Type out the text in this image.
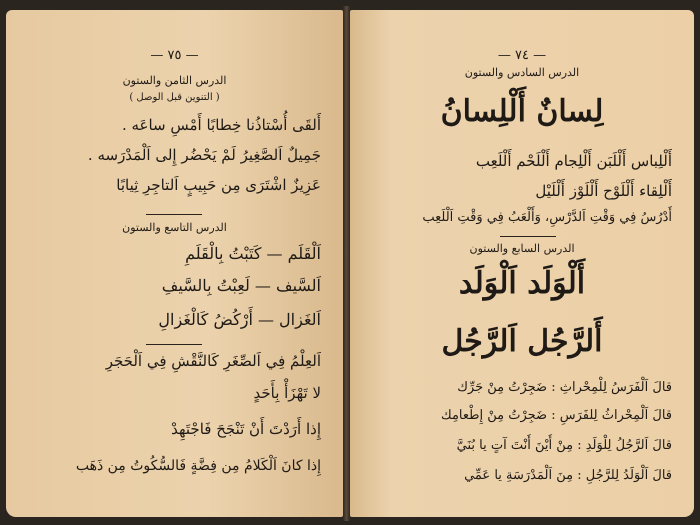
— ٧٥ —
الدرس الثامن والستون
( التنوين قبل الوصل )
أَلقَى أُسْتاذُنا خِطابًا أَمْسِ ساعَه .
جَمِيلٌ اَلصَّغِيرُ لَمْ يَحْضُر إِلى اَلْمَدْرَسه .
عَزِيزٌ اشْتَرَى مِن حَبِيبٍ اَلتاجِرِ ثِيابًا
الدرس التاسع والستون
اَلْقَلَم — كَتَبْتُ بِالْقَلَمِ
اَلسَّيف — لَعِبْتُ بِالسَّيفِ
اَلغَزال — أَرْكُضُ كَالْغَزالِ
اَلعِلْمُ فِي اَلصِّغَرِ كَالنَّقْشِ فِي اَلْحَجَرِ
لا تَهْزَأْ بِأَحَدٍ
إِذا أَرَدْتَ أَنْ تَنْجَحَ فَاجْتَهِدْ
إِذا كانَ اَلْكَلامُ مِن فِضَّةٍ فَالسُّكُوتُ مِن ذَهَب
— ٧٤ —
الدرس السادس والستون
لِسانٌ أَلْلِسانُ
أَلْلِباس أَلْلَبَن أَلْلِجام أَلْلَحْم أَلْلَعِب
أَلْلِقاء أَلْلَوْح أَلْلَوْز أَلْلَيْل
أَدْرُسُ فِي وَقْتِ اَلدَّرْسِ، وَأَلْعَبُ فِي وَقْتِ اَلْلَعِب
الدرس السابع والستون
أَلْوَلَد اَلْوَلَد
أَلرَّجُل اَلرَّجُل
قالَ اَلْفَرَسُ لِلْمِحْراثِ : ضَجِرْتُ مِنْ جَرِّك
قالَ اَلْمِحْراثُ لِلفَرَسِ : ضَجِرْتُ مِنْ إِطْعامِك
قالَ اَلرَّجُلُ لِلْوَلَدِ : مِنْ أَيْنَ أَنْتَ آتٍ يا بُنَيَّ
قالَ اَلْوَلَدُ لِلرَّجُلِ : مِنَ اَلْمَدْرَسَةِ يا عَمِّي
